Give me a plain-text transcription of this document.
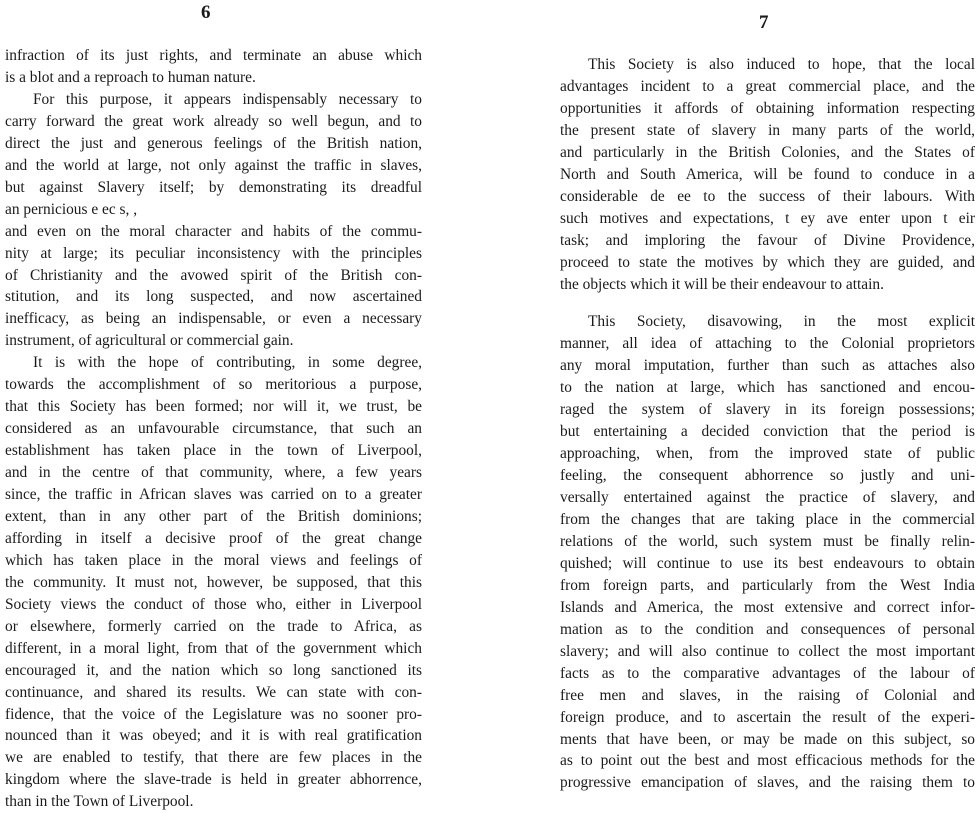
6
infraction of its just rights, and terminate an abuse which
is a blot and a reproach to human nature.
For this purpose, it appears indispensably necessary to
carry forward the great work already so well begun, and to
direct the just and generous feelings of the British nation,
and the world at large, not only against the traffic in slaves,
but against Slavery itself; by demonstrating its dreadful
an pernicious e ec s, ,
and even on the moral character and habits of the commu-
nity at large; its peculiar inconsistency with the principles
of Christianity and the avowed spirit of the British con-
stitution, and its long suspected, and now ascertained
inefficacy, as being an indispensable, or even a necessary
instrument, of agricultural or commercial gain.
It is with the hope of contributing, in some degree,
towards the accomplishment of so meritorious a purpose,
that this Society has been formed; nor will it, we trust, be
considered as an unfavourable circumstance, that such an
establishment has taken place in the town of Liverpool,
and in the centre of that community, where, a few years
since, the traffic in African slaves was carried on to a greater
extent, than in any other part of the British dominions;
affording in itself a decisive proof of the great change
which has taken place in the moral views and feelings of
the community. It must not, however, be supposed, that this
Society views the conduct of those who, either in Liverpool
or elsewhere, formerly carried on the trade to Africa, as
different, in a moral light, from that of the government which
encouraged it, and the nation which so long sanctioned its
continuance, and shared its results. We can state with con-
fidence, that the voice of the Legislature was no sooner pro-
nounced than it was obeyed; and it is with real gratification
we are enabled to testify, that there are few places in the
kingdom where the slave-trade is held in greater abhorrence,
than in the Town of Liverpool.
7
This Society is also induced to hope, that the local
advantages incident to a great commercial place, and the
opportunities it affords of obtaining information respecting
the present state of slavery in many parts of the world,
and particularly in the British Colonies, and the States of
North and South America, will be found to conduce in a
considerable de ee to the success of their labours. With
such motives and expectations, t ey ave enter upon t eir
task; and imploring the favour of Divine Providence,
proceed to state the motives by which they are guided, and
the objects which it will be their endeavour to attain.
This Society, disavowing, in the most explicit
manner, all idea of attaching to the Colonial proprietors
any moral imputation, further than such as attaches also
to the nation at large, which has sanctioned and encou-
raged the system of slavery in its foreign possessions;
but entertaining a decided conviction that the period is
approaching, when, from the improved state of public
feeling, the consequent abhorrence so justly and uni-
versally entertained against the practice of slavery, and
from the changes that are taking place in the commercial
relations of the world, such system must be finally relin-
quished; will continue to use its best endeavours to obtain
from foreign parts, and particularly from the West India
Islands and America, the most extensive and correct infor-
mation as to the condition and consequences of personal
slavery; and will also continue to collect the most important
facts as to the comparative advantages of the labour of
free men and slaves, in the raising of Colonial and
foreign produce, and to ascertain the result of the experi-
ments that have been, or may be made on this subject, so
as to point out the best and most efficacious methods for the
progressive emancipation of slaves, and the raising them to
